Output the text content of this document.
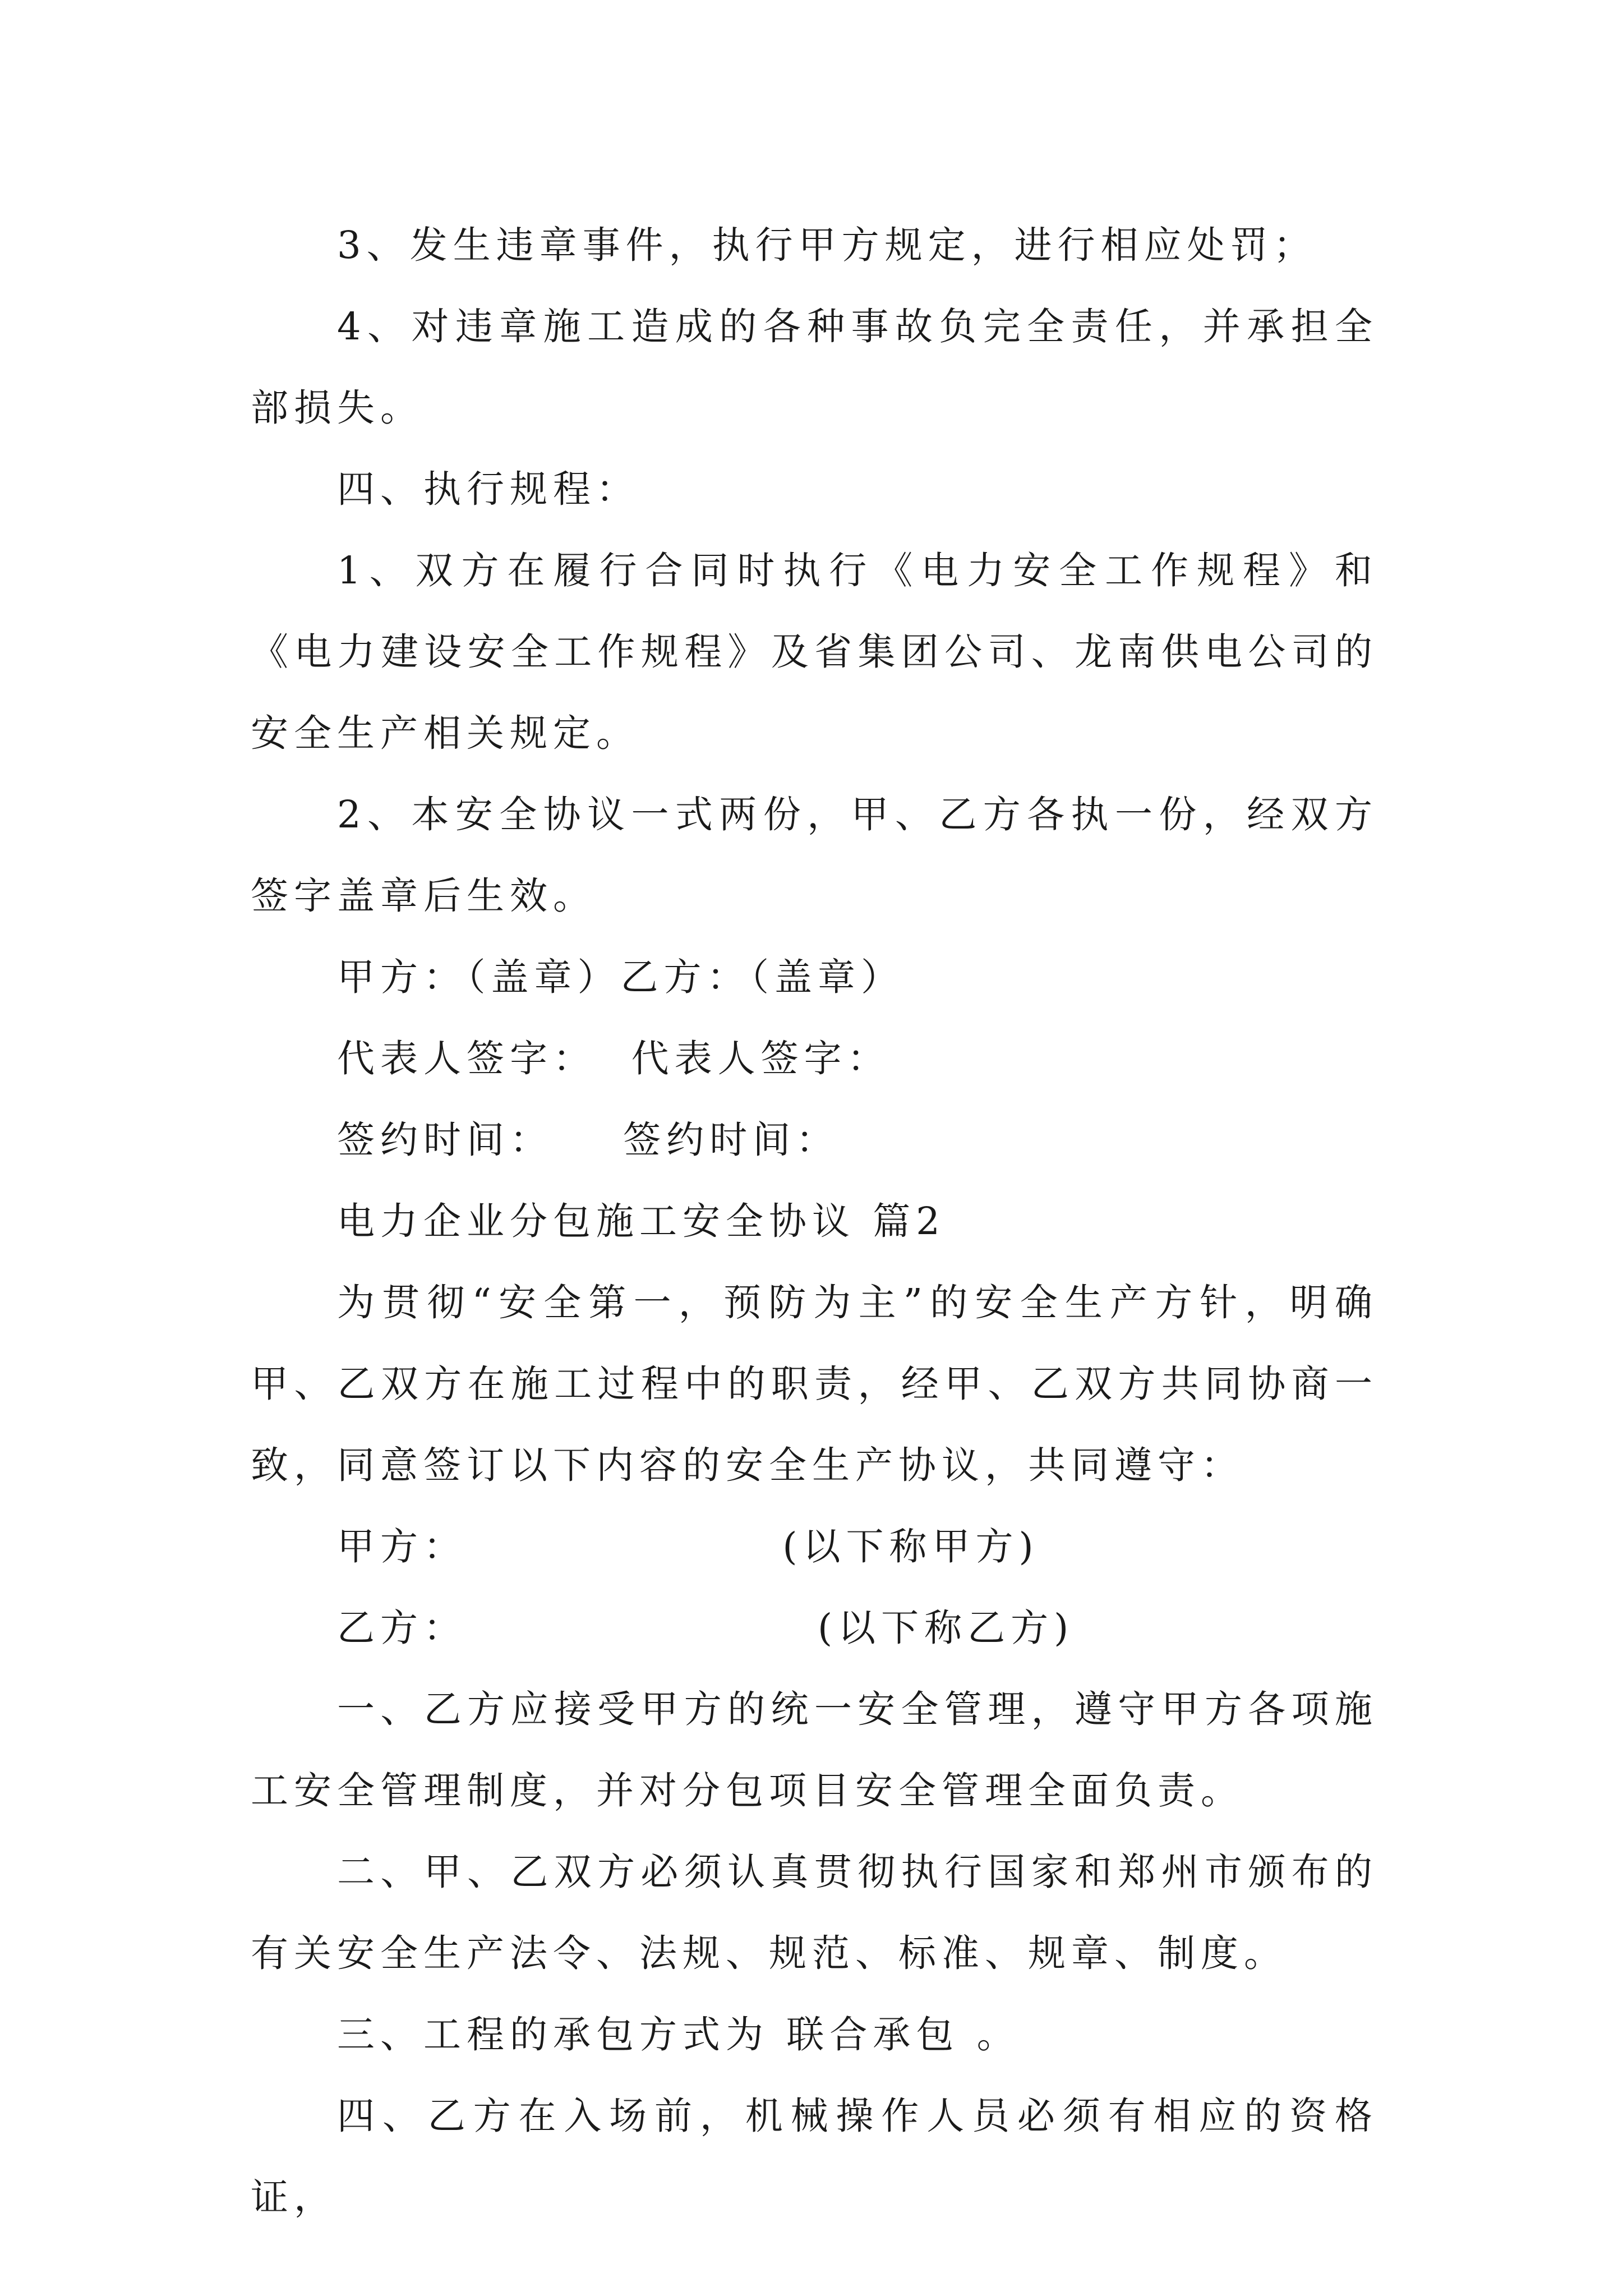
3、发生违章事件，执行甲方规定，进行相应处罚；

4、对违章施工造成的各种事故负完全责任，并承担全部损失。

四、执行规程：

1、双方在履行合同时执行《电力安全工作规程》和《电力建设安全工作规程》及省集团公司、龙南供电公司的安全生产相关规定。

2、本安全协议一式两份，甲、乙方各执一份，经双方签字盖章后生效。

甲方：（盖章）乙方：（盖章）

代表人签字：  代表人签字：

签约时间：    签约时间：

电力企业分包施工安全协议 篇2

为贯彻“安全第一，预防为主”的安全生产方针，明确甲、乙双方在施工过程中的职责，经甲、乙双方共同协商一致，同意签订以下内容的安全生产协议，共同遵守：

甲方：                  (以下称甲方)

乙方：                    (以下称乙方)

一、乙方应接受甲方的统一安全管理，遵守甲方各项施工安全管理制度，并对分包项目安全管理全面负责。

二、甲、乙双方必须认真贯彻执行国家和郑州市颁布的有关安全生产法令、法规、规范、标准、规章、制度。

三、工程的承包方式为 联合承包 。

四、乙方在入场前，机械操作人员必须有相应的资格证，
